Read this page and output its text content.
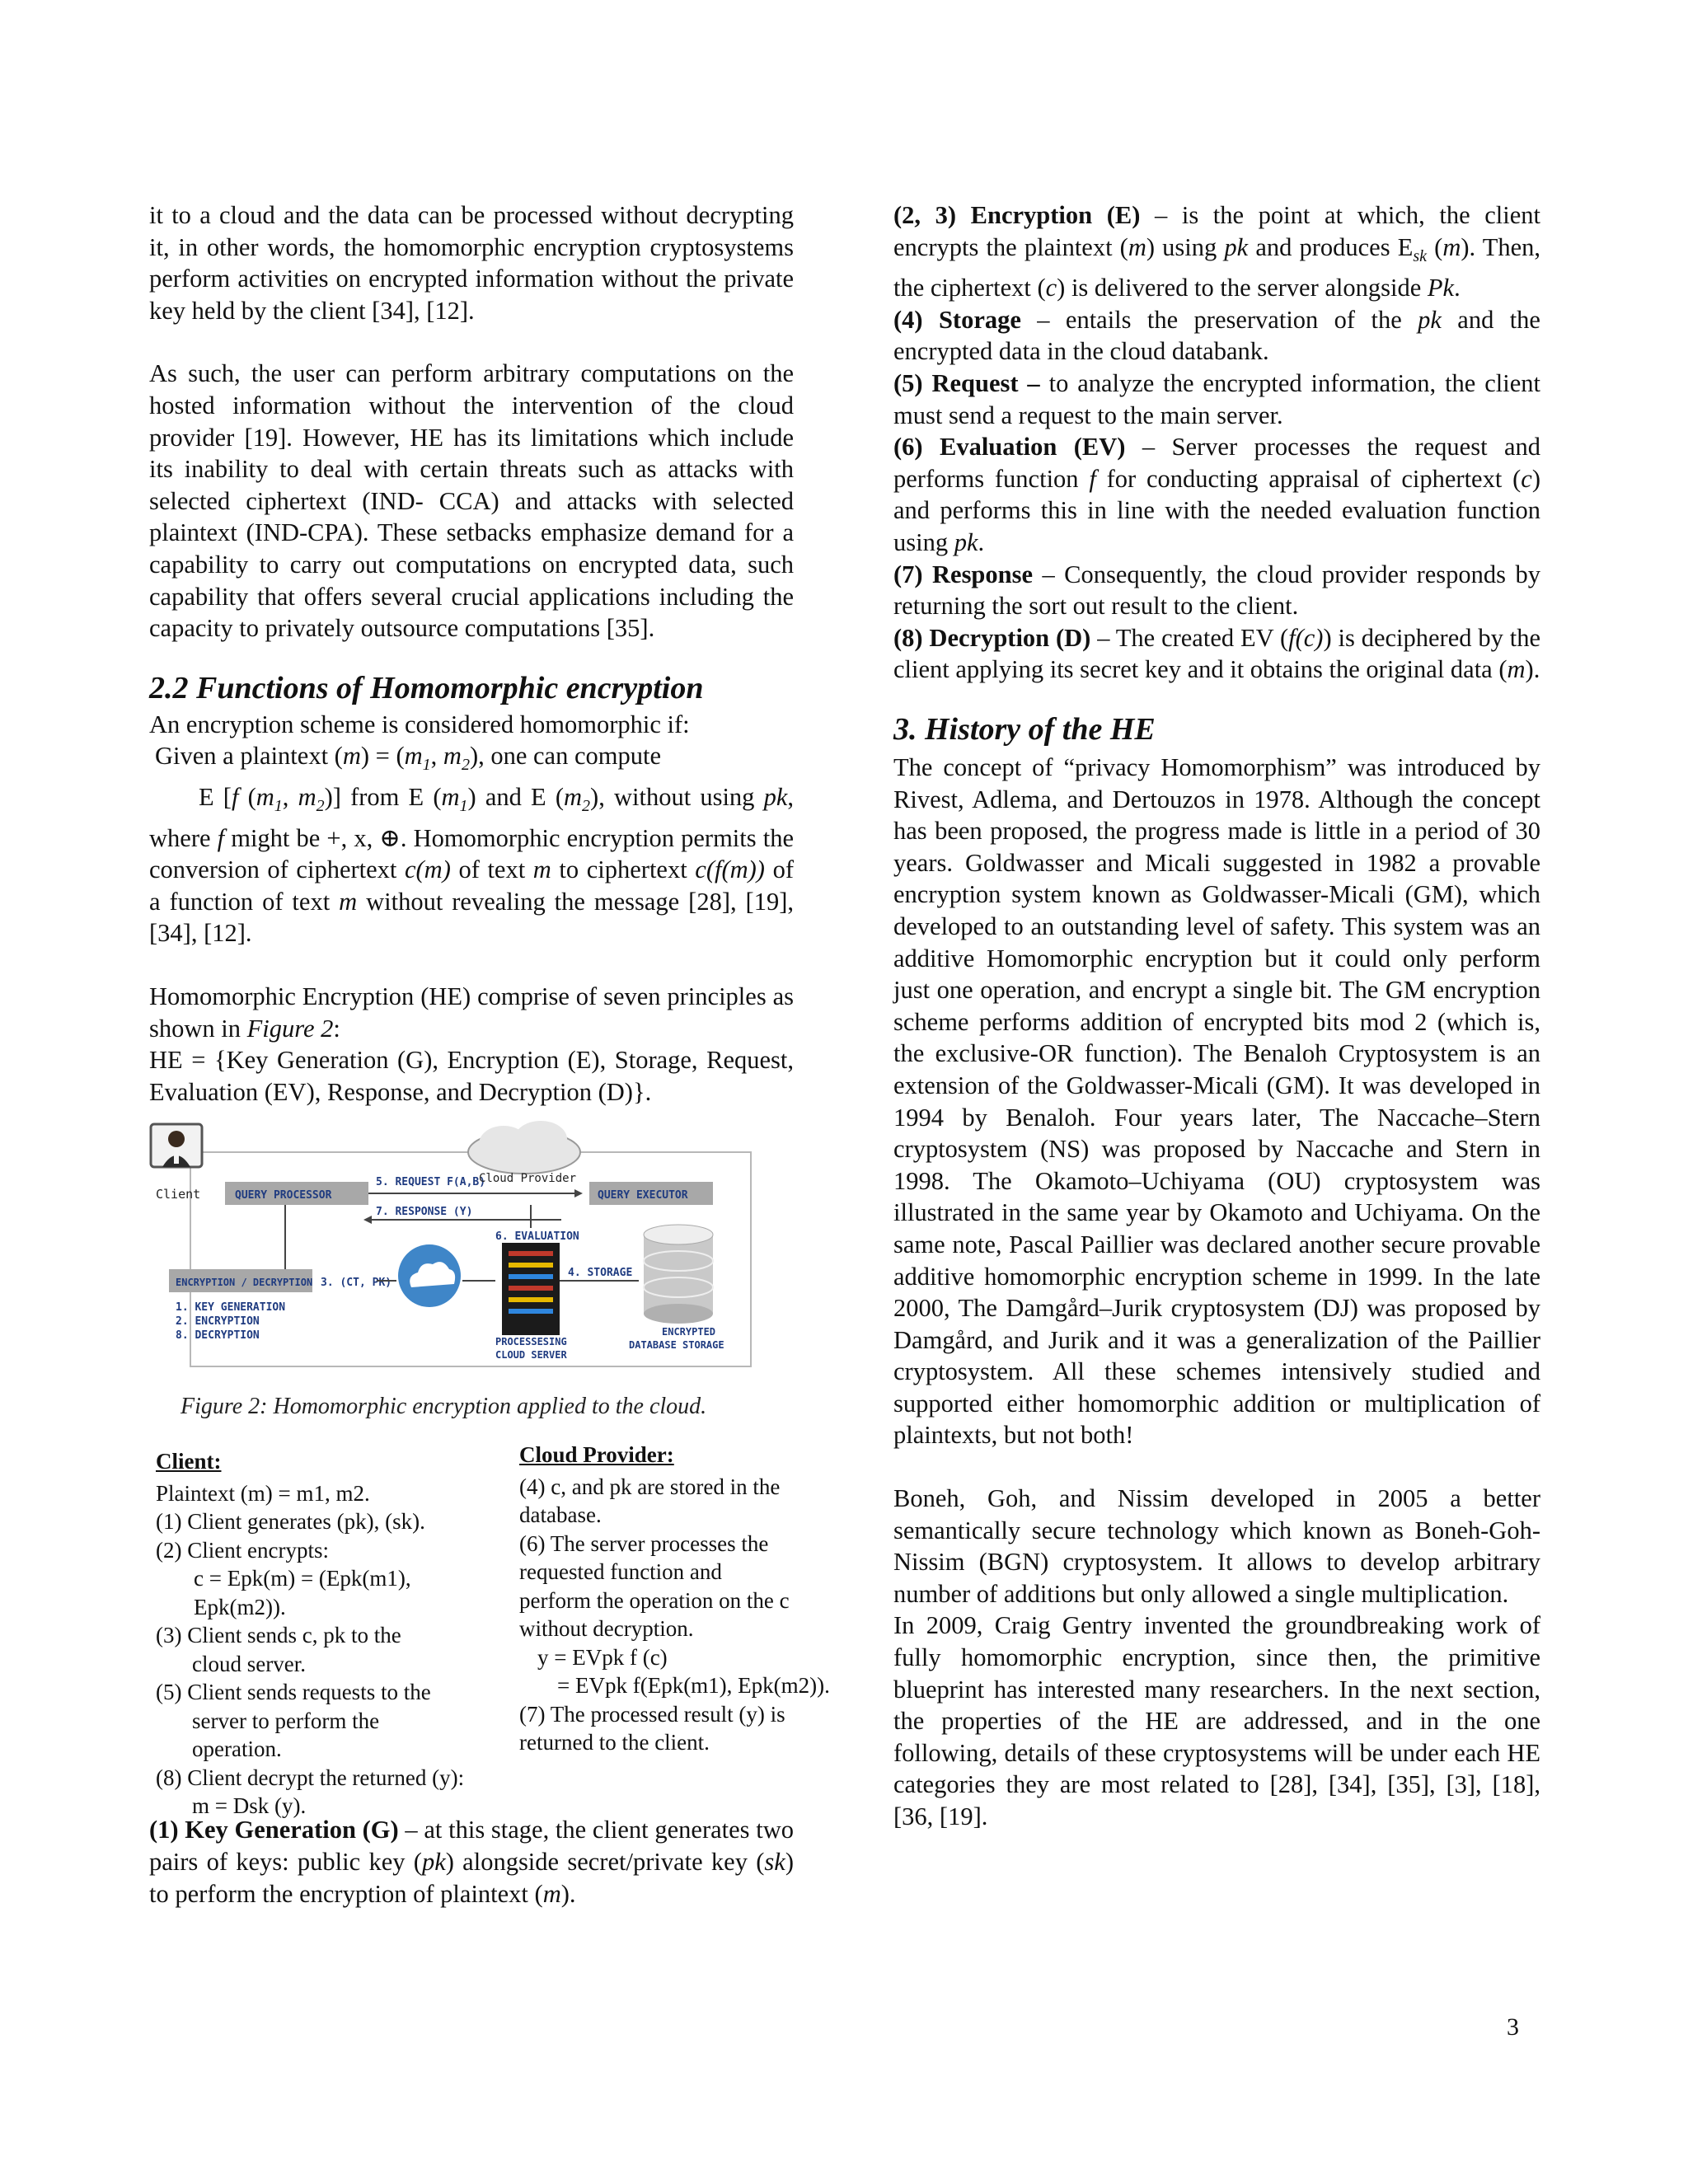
it to a cloud and the data can be processed without decrypting it, in other words, the homomorphic encryption cryptosystems perform activities on encrypted information without the private key held by the client [34], [12].

As such, the user can perform arbitrary computations on the hosted information without the intervention of the cloud provider [19]. However, HE has its limitations which include its inability to deal with certain threats such as attacks with selected ciphertext (IND- CCA) and attacks with selected plaintext (IND-CPA). These setbacks emphasize demand for a capability to carry out computations on encrypted data, such capability that offers several crucial applications including the capacity to privately outsource computations [35].

2.2 Functions of Homomorphic encryption

An encryption scheme is considered homomorphic if:

Given a plaintext $(m) = (m_1$, $m_2$), one can compute

E [f ($m_1$, $m_2$)] from E $(m_1)$ and E $(m_2)$, without using pk, where f might be +, x, ⊕. Homomorphic encryption permits the conversion of ciphertext c(m) of text m to ciphertext c(f(m)) of a function of text m without revealing the message [28], [19], [34], [12].

Homomorphic Encryption (HE) comprise of seven principles as shown in Figure 2:

HE = {Key Generation (G), Encryption (E), Storage, Request, Evaluation (EV), Response, and Decryption (D)}.

Client	QUERY PROCESSOR
5. REQUEST F(A,B)
Cloud Provider
QUERY EXECUTOR
7. RESPONSE (Y)
ENCRYPTION / DECRYPTION 3. (CT, PK)
6. EVALUATION
4. STORAGE
1. KEY GENERATION
2. ENCRYPTION
8. DECRYPTION	PROCESSESING
CLOUD SERVER
ENCRYPTED
DATABASE STORAGE

Figure 2: Homomorphic encryption applied to the cloud.

Client:

Plaintext (m) = m1, m2.

(1) Client generates (pk), (sk).

(2) Client encrypts:

c = Epk(m) = (Epk(m1), Epk(m2)).

(3) Client sends c, pk to the

cloud server.

(5) Client sends requests to the

server to perform the

operation.

(8) Client decrypt the returned (y):

m = Dsk (y).

Cloud Provider:

(4) c, and pk are stored in the

database.

(6) The server processes the

requested function and

perform the operation on the c

without decryption.

y = EVpk f (c)

= EVpk f(Epk(m1), Epk(m2)).

(7) The processed result (y) is

returned to the client.

(1) Key Generation (G) – at this stage, the client generates two pairs of keys: public key (pk) alongside secret/private key (sk) to perform the encryption of plaintext (m).

(2, 3) Encryption (E) – is the point at which, the client encrypts the plaintext (m) using pk and produces $E_{sk}$ (m). Then, the ciphertext (c) is delivered to the server alongside Pk.

(4) Storage – entails the preservation of the pk and the encrypted data in the cloud databank.

(5) Request – to analyze the encrypted information, the client must send a request to the main server.

(6) Evaluation (EV) – Server processes the request and performs function f for conducting appraisal of ciphertext (c) and performs this in line with the needed evaluation function using pk.

(7) Response – Consequently, the cloud provider responds by returning the sort out result to the client.

(8) Decryption (D) – The created EV (f(c)) is deciphered by the client applying its secret key and it obtains the original data (m).

3. History of the HE

The concept of “privacy Homomorphism” was introduced by Rivest, Adlema, and Dertouzos in 1978. Although the concept has been proposed, the progress made is little in a period of 30 years. Goldwasser and Micali suggested in 1982 a provable encryption system known as Goldwasser-Micali (GM), which developed to an outstanding level of safety. This system was an additive Homomorphic encryption but it could only perform just one operation, and encrypt a single bit. The GM encryption scheme performs addition of encrypted bits mod 2 (which is, the exclusive-OR function). The Benaloh Cryptosystem is an extension of the Goldwasser-Micali (GM). It was developed in 1994 by Benaloh. Four years later, The Naccache–Stern cryptosystem (NS) was proposed by Naccache and Stern in 1998. The Okamoto–Uchiyama (OU) cryptosystem was illustrated in the same year by Okamoto and Uchiyama. On the same note, Pascal Paillier was declared another secure provable additive homomorphic encryption scheme in 1999. In the late 2000, The Damgård–Jurik cryptosystem (DJ) was proposed by Damgård, and Jurik and it was a generalization of the Paillier cryptosystem. All these schemes intensively studied and supported either homomorphic addition or multiplication of plaintexts, but not both!

Boneh, Goh, and Nissim developed in 2005 a better semantically secure technology which known as Boneh-Goh-Nissim (BGN) cryptosystem. It allows to develop arbitrary number of additions but only allowed a single multiplication.

In 2009, Craig Gentry invented the groundbreaking work of fully homomorphic encryption, since then, the primitive blueprint has interested many researchers. In the next section, the properties of the HE are addressed, and in the one following, details of these cryptosystems will be under each HE categories they are most related to [28], [34], [35], [3], [18], [36, [19].

3
